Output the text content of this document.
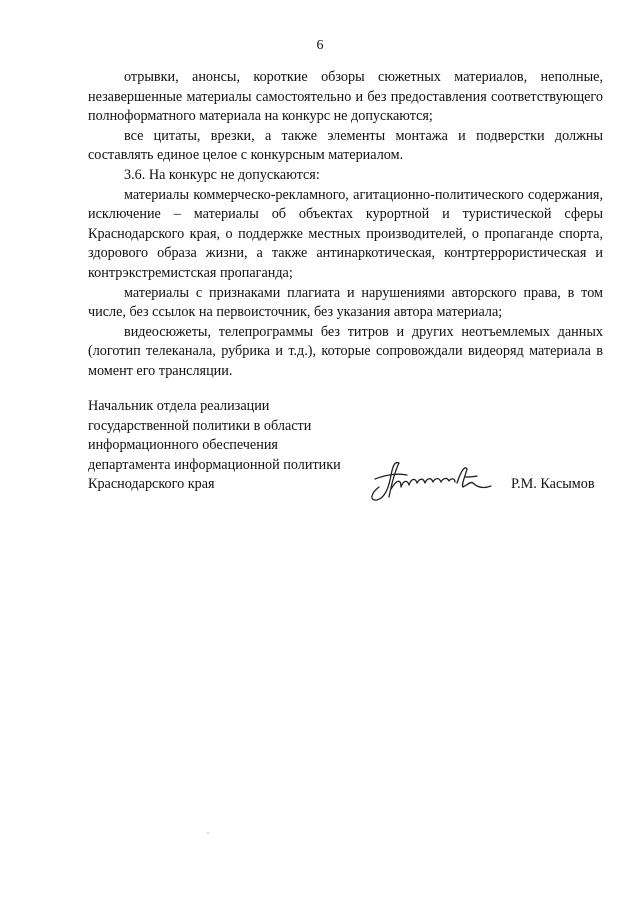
6

отрывки, анонсы, короткие обзоры сюжетных материалов, неполные, незавершенные материалы самостоятельно и без предоставления соответствующего полноформатного материала на конкурс не допускаются;

все цитаты, врезки, а также элементы монтажа и подверстки должны составлять единое целое с конкурсным материалом.

3.6. На конкурс не допускаются:

материалы коммерческо-рекламного, агитационно-политического содержания, исключение – материалы об объектах курортной и туристической сферы Краснодарского края, о поддержке местных производителей, о пропаганде спорта, здорового образа жизни, а также антинаркотическая, контртеррористическая и контрэкстремистская пропаганда;

материалы с признаками плагиата и нарушениями авторского права, в том числе, без ссылок на первоисточник, без указания автора материала;

видеосюжеты, телепрограммы без титров и других неотъемлемых данных (логотип телеканала, рубрика и т.д.), которые сопровождали видеоряд материала в момент его трансляции.

Начальник отдела реализации
государственной политики в области
информационного обеспечения
департамента информационной политики
Краснодарского края	Р.М. Касымов
